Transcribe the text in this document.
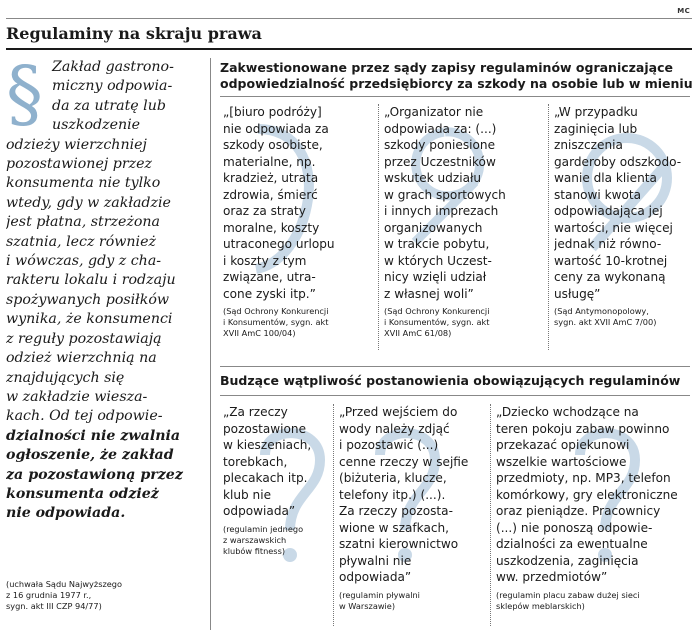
MC
Regulaminy na skraju prawa
§ Zakład gastrono-
miczny odpowia-
da za utratę lub
uszkodzenie
odzieży wierzchniej
pozostawionej przez
konsumenta nie tylko
wtedy, gdy w zakładzie
jest płatna, strzeżona
szatnia, lecz również
i wówczas, gdy z cha-
rakteru lokalu i rodzaju
spożywanych posiłków
wynika, że konsumenci
z reguły pozostawiają
odzież wierzchnią na
znajdujących się
w zakładzie wiesza-
kach. Od tej odpowie-
dzialności nie zwalnia
ogłoszenie, że zakład
za pozostawioną przez
konsumenta odzież
nie odpowiada.
(uchwała Sądu Najwyższego
z 16 grudnia 1977 r.,
sygn. akt III CZP 94/77)
Zakwestionowane przez sądy zapisy regulaminów ograniczające
odpowiedzialność przedsiębiorcy za szkody na osobie lub w mieniu
„[biuro podróży]
nie odpowiada za
szkody osobiste,
materialne, np.
kradzież, utrata
zdrowia, śmierć
oraz za straty
moralne, koszty
utraconego urlopu
i koszty z tym
związane, utra-
cone zyski itp.”
(Sąd Ochrony Konkurencji
i Konsumentów, sygn. akt
XVII AmC 100/04)
„Organizator nie
odpowiada za: (...)
szkody poniesione
przez Uczestników
wskutek udziału
w grach sportowych
i innych imprezach
organizowanych
w trakcie pobytu,
w których Uczest-
nicy wzięli udział
z własnej woli”
(Sąd Ochrony Konkurencji
i Konsumentów, sygn. akt
XVII AmC 61/08)
„W przypadku
zaginięcia lub
zniszczenia
garderoby odszkodo-
wanie dla klienta
stanowi kwota
odpowiadająca jej
wartości, nie więcej
jednak niż równo-
wartość 10-krotnej
ceny za wykonaną
usługę”
(Sąd Antymonopolowy,
sygn. akt XVII AmC 7/00)
Budzące wątpliwość postanowienia obowiązujących regulaminów
„Za rzeczy
pozostawione
w kieszeniach,
torebkach,
plecakach itp.
klub nie
odpowiada”
(regulamin jednego
z warszawskich
klubów fitness)
„Przed wejściem do
wody należy zdjąć
i pozostawić (...)
cenne rzeczy w sejfie
(biżuteria, klucze,
telefony itp.) (...).
Za rzeczy pozosta-
wione w szafkach,
szatni kierownictwo
pływalni nie
odpowiada”
(regulamin pływalni
w Warszawie)
„Dziecko wchodzące na
teren pokoju zabaw powinno
przekazać opiekunowi
wszelkie wartościowe
przedmioty, np. MP3, telefon
komórkowy, gry elektroniczne
oraz pieniądze. Pracownicy
(...) nie ponoszą odpowie-
dzialności za ewentualne
uszkodzenia, zaginięcia
ww. przedmiotów”
(regulamin placu zabaw dużej sieci
sklepów meblarskich)
